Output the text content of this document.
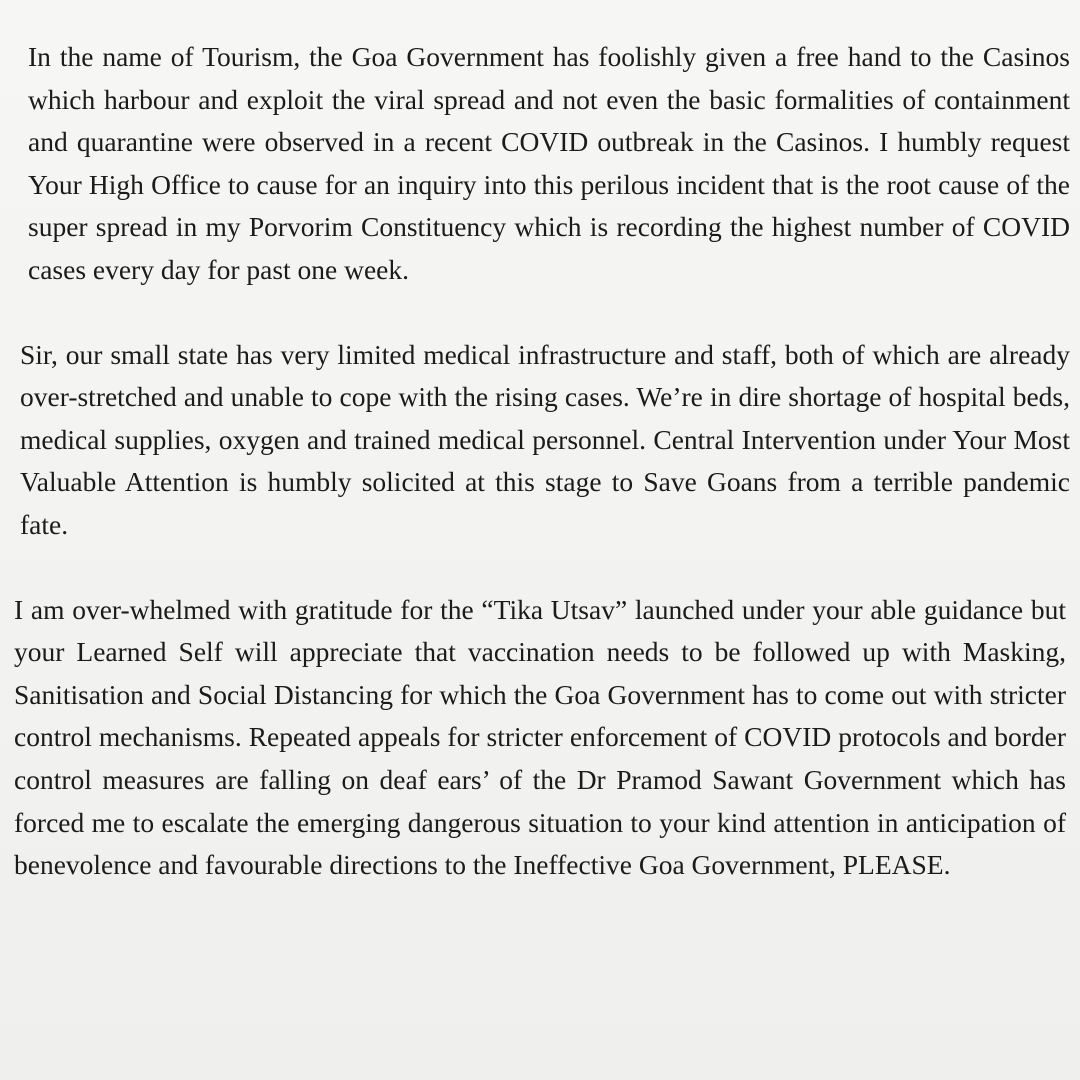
In the name of Tourism, the Goa Government has foolishly given a free hand to the Casinos which harbour and exploit the viral spread and not even the basic formalities of containment and quarantine were observed in a recent COVID outbreak in the Casinos. I humbly request Your High Office to cause for an inquiry into this perilous incident that is the root cause of the super spread in my Porvorim Constituency which is recording the highest number of COVID cases every day for past one week.

Sir, our small state has very limited medical infrastructure and staff, both of which are already over-stretched and unable to cope with the rising cases. We’re in dire shortage of hospital beds, medical supplies, oxygen and trained medical personnel. Central Intervention under Your Most Valuable Attention is humbly solicited at this stage to Save Goans from a terrible pandemic fate.

I am over-whelmed with gratitude for the “Tika Utsav” launched under your able guidance but your Learned Self will appreciate that vaccination needs to be followed up with Masking, Sanitisation and Social Distancing for which the Goa Government has to come out with stricter control mechanisms. Repeated appeals for stricter enforcement of COVID protocols and border control measures are falling on deaf ears’ of the Dr Pramod Sawant Government which has forced me to escalate the emerging dangerous situation to your kind attention in anticipation of benevolence and favourable directions to the Ineffective Goa Government, PLEASE.
